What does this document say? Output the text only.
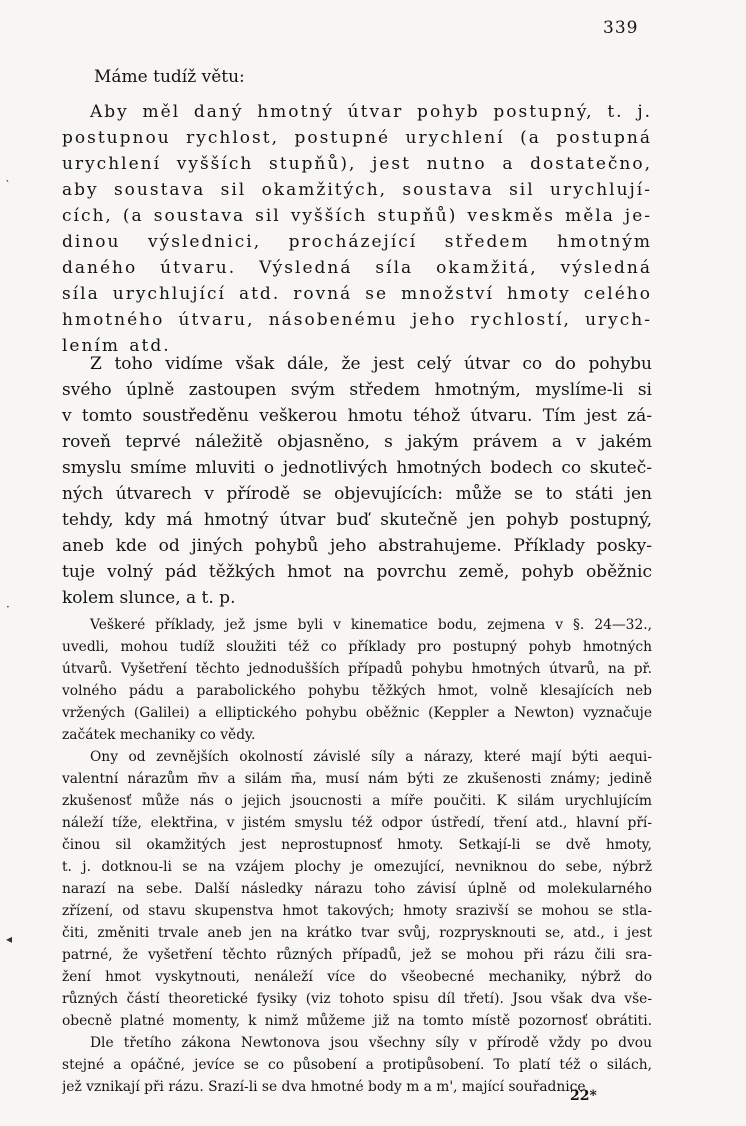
339
Máme tudíž větu:
Aby měl daný hmotný útvar pohyb postupný, t. j.
postupnou rychlost, postupné urychlení (a postupná
urychlení vyšších stupňů), jest nutno a dostatečno,
aby soustava sil okamžitých, soustava sil urychlují-
cích, (a soustava sil vyšších stupňů) veskměs měla je-
dinou výslednici, procházející středem hmotným
daného útvaru. Výsledná síla okamžitá, výsledná
síla urychlující atd. rovná se množství hmoty celého
hmotného útvaru, násobenému jeho rychlostí, urych-
lením atd.
Z toho vidíme však dále, že jest celý útvar co do pohybu
svého úplně zastoupen svým středem hmotným, myslíme-li si
v tomto soustředěnu veškerou hmotu téhož útvaru. Tím jest zá-
roveň teprvé náležitě objasněno, s jakým právem a v jakém
smyslu smíme mluviti o jednotlivých hmotných bodech co skuteč-
ných útvarech v přírodě se objevujících: může se to státi jen
tehdy, kdy má hmotný útvar buď skutečně jen pohyb postupný,
aneb kde od jiných pohybů jeho abstrahujeme. Příklady posky-
tuje volný pád těžkých hmot na povrchu země, pohyb oběžnic
kolem slunce, a t. p.
Veškeré příklady, jež jsme byli v kinematice bodu, zejmena v §. 24—32.,
uvedli, mohou tudíž sloužiti též co příklady pro postupný pohyb hmotných
útvarů. Vyšetření těchto jednodušších případů pohybu hmotných útvarů, na př.
volného pádu a parabolického pohybu těžkých hmot, volně klesajících neb
vržených (Galilei) a elliptického pohybu oběžnic (Keppler a Newton) vyznačuje
začátek mechaniky co vědy.
Ony od zevnějších okolností závislé síly a nárazy, které mají býti aequi-
valentní nárazům m̄v a silám m̄a, musí nám býti ze zkušenosti známy; jedině
zkušenosť může nás o jejich jsoucnosti a míře poučiti. K silám urychlujícím
náleží tíže, elektřina, v jistém smyslu též odpor ústředí, tření atd., hlavní pří-
činou sil okamžitých jest neprostupnosť hmoty. Setkají-li se dvě hmoty,
t. j. dotknou-li se na vzájem plochy je omezující, nevniknou do sebe, nýbrž
narazí na sebe. Další následky nárazu toho závisí úplně od molekularného
zřízení, od stavu skupenstva hmot takových; hmoty srazivší se mohou se stla-
čiti, změniti trvale aneb jen na krátko tvar svůj, rozprysknouti se, atd., i jest
patrné, že vyšetření těchto různých případů, jež se mohou při rázu čili sra-
žení hmot vyskytnouti, nenáleží více do všeobecné mechaniky, nýbrž do
různých částí theoretické fysiky (viz tohoto spisu díl třetí). Jsou však dva vše-
obecně platné momenty, k nimž můžeme již na tomto místě pozornosť obrátiti.
Dle třetího zákona Newtonova jsou všechny síly v přírodě vždy po dvou
stejné a opáčné, jevíce se co působení a protipůsobení. To platí též o silách,
jež vznikají při rázu. Srazí-li se dva hmotné body m a m', mající souřadnice
22*
‵
·
◂
